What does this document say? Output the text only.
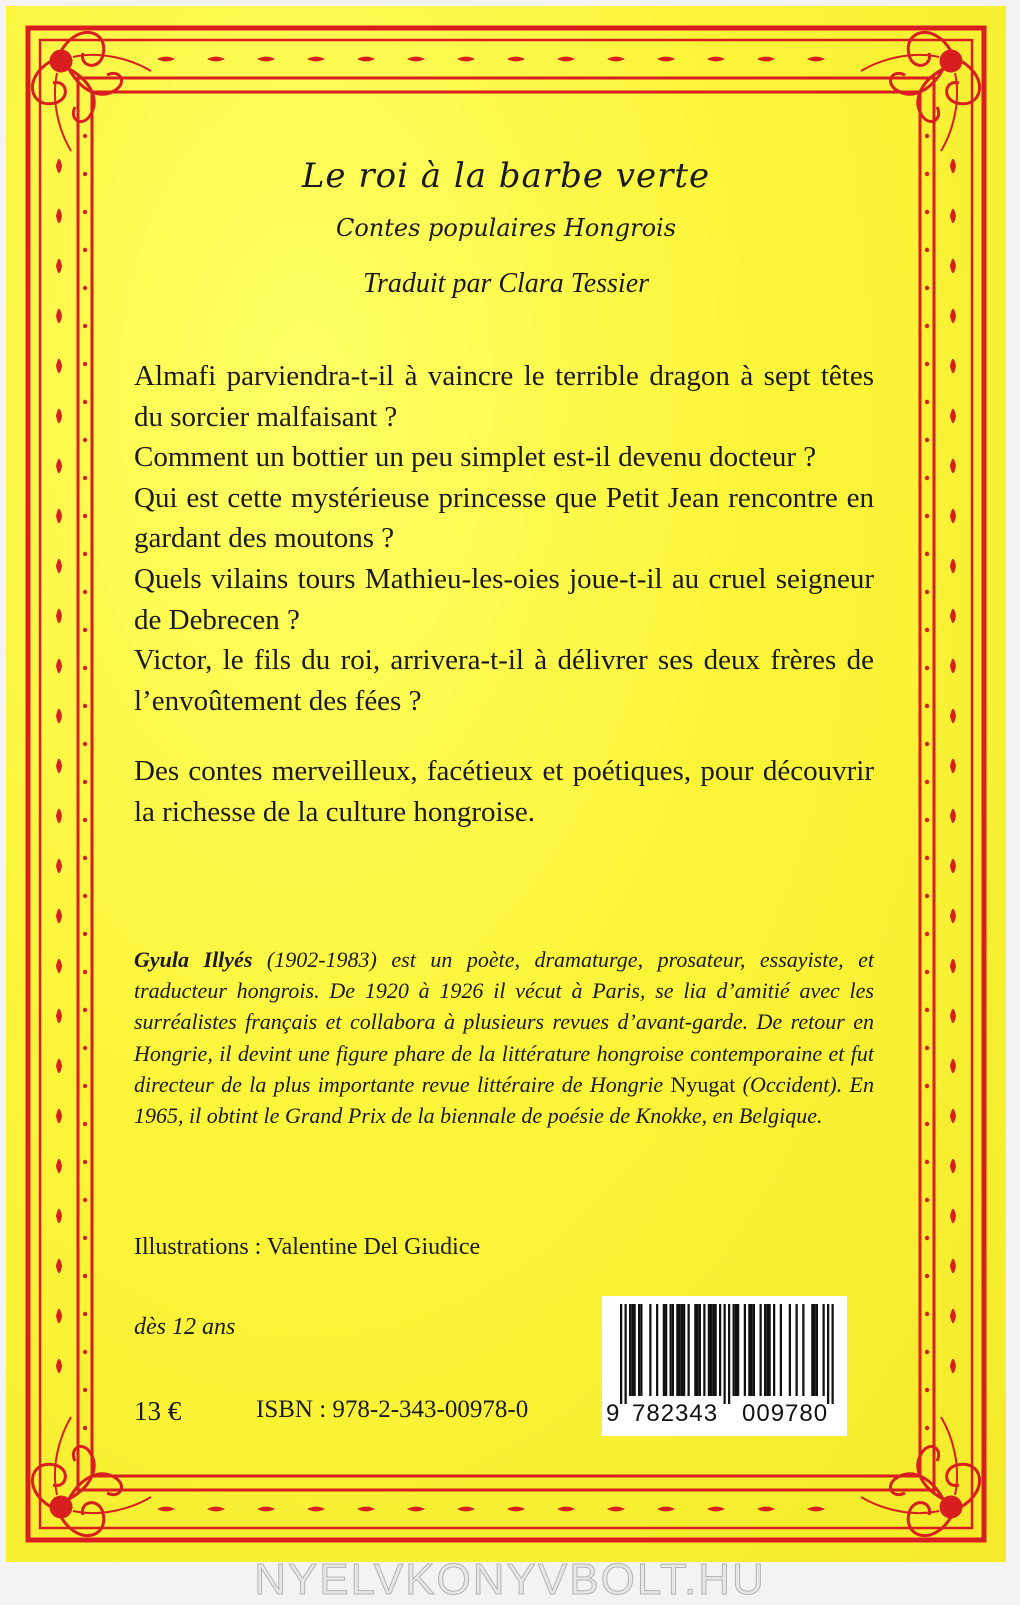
Le roi à la barbe verte
Contes populaires Hongrois
Traduit par Clara Tessier

Almafi parviendra-t-il à vaincre le terrible dragon à sept têtes du sorcier malfaisant ?

Comment un bottier un peu simplet est-il devenu docteur ?

Qui est cette mystérieuse princesse que Petit Jean rencontre en gardant des moutons ?

Quels vilains tours Mathieu-les-oies joue-t-il au cruel seigneur de Debrecen ?

Victor, le fils du roi, arrivera-t-il à délivrer ses deux frères de l’envoûtement des fées ?

Des contes merveilleux, facétieux et poétiques, pour découvrir la richesse de la culture hongroise.
Gyula Illyés (1902-1983) est un poète, dramaturge, prosateur, essayiste, et traducteur hongrois. De 1920 à 1926 il vécut à Paris, se lia d’amitié avec les surréalistes français et collabora à plusieurs revues d’avant-garde. De retour en Hongrie, il devint une figure phare de la littérature hongroise contemporaine et fut directeur de la plus importante revue littéraire de Hongrie Nyugat (Occident). En 1965, il obtint le Grand Prix de la biennale de poésie de Knokke, en Belgique.
Illustrations : Valentine Del Giudice
dès 12 ans
13 €	ISBN : 978-2-343-00978-0	9 782343 009780
NYELVKONYVBOLT.HU
